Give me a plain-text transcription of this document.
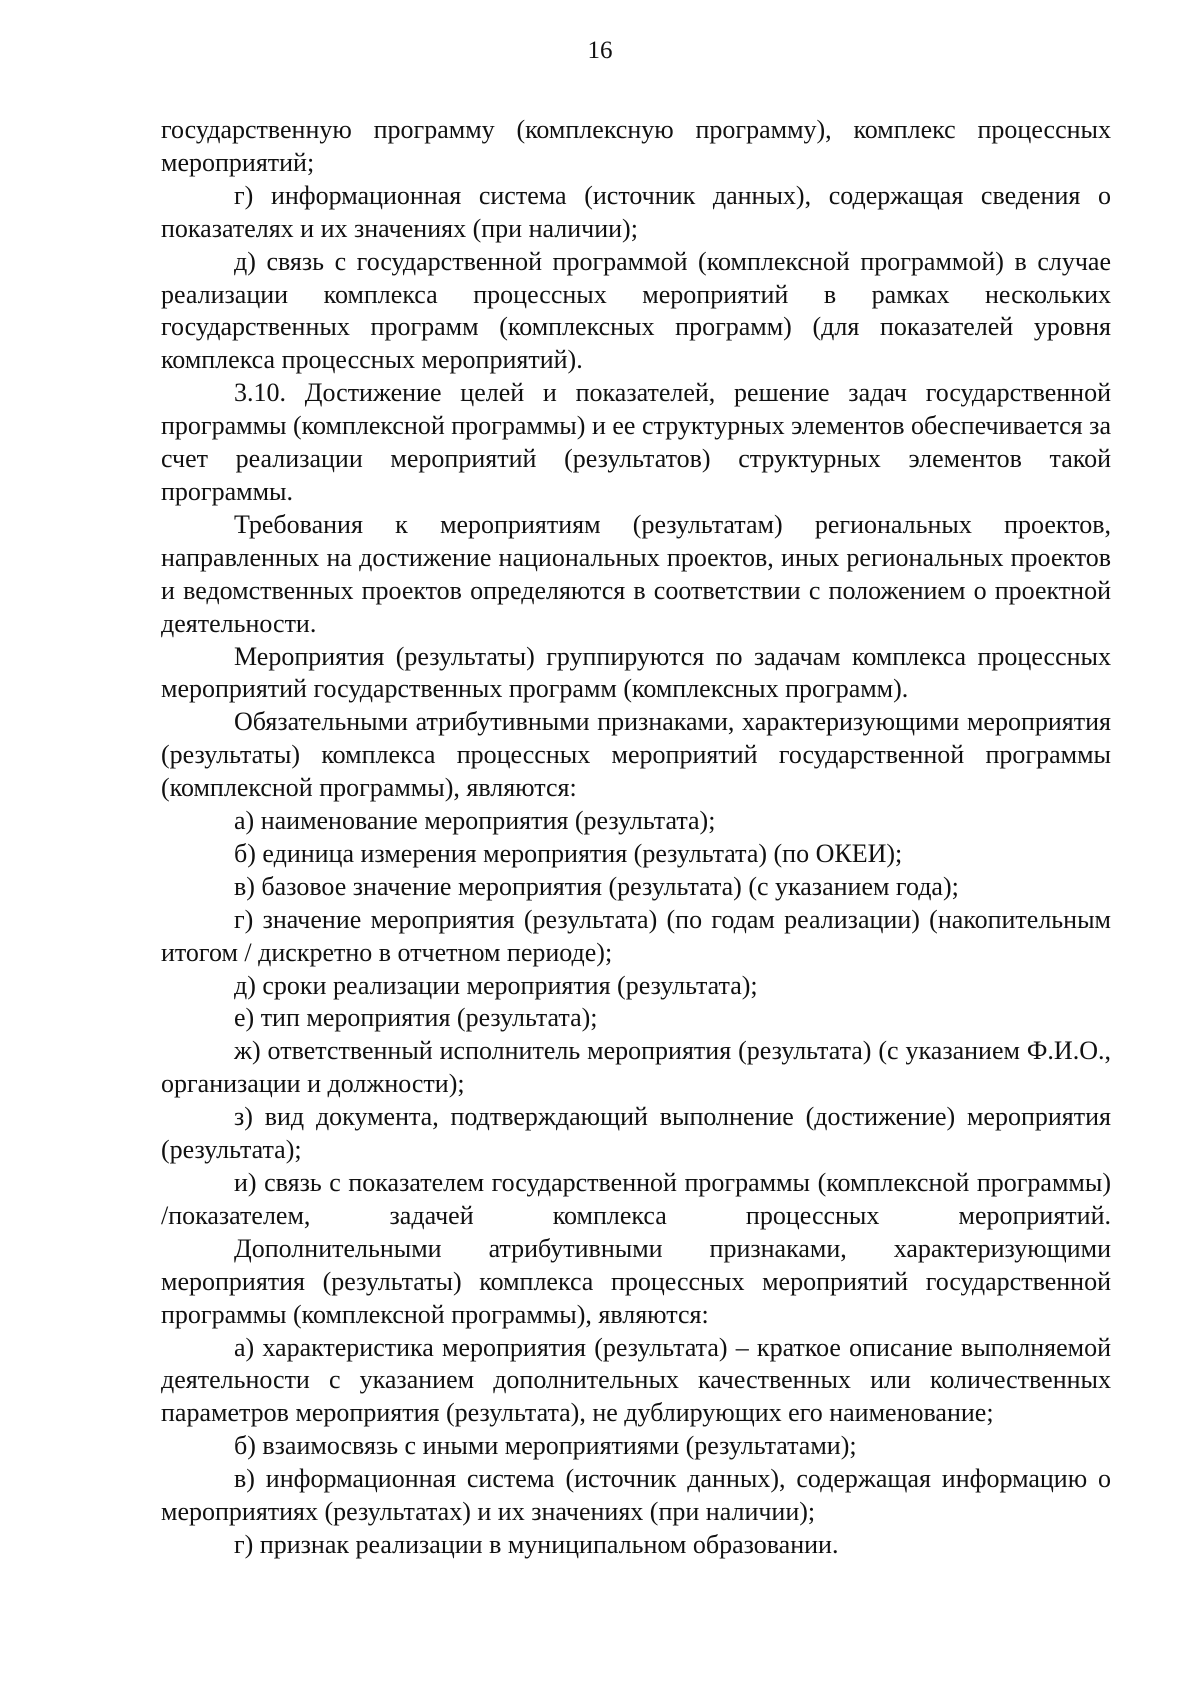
16

государственную программу (комплексную программу), комплекс процессных мероприятий;

г) информационная система (источник данных), содержащая сведения о показателях и их значениях (при наличии);

д) связь с государственной программой (комплексной программой) в случае реализации комплекса процессных мероприятий в рамках нескольких государственных программ (комплексных программ) (для показателей уровня комплекса процессных мероприятий).

3.10. Достижение целей и показателей, решение задач государственной программы (комплексной программы) и ее структурных элементов обеспечивается за счет реализации мероприятий (результатов) структурных элементов такой программы.

Требования к мероприятиям (результатам) региональных проектов, направленных на достижение национальных проектов, иных региональных проектов и ведомственных проектов определяются в соответствии с положением о проектной деятельности.

Мероприятия (результаты) группируются по задачам комплекса процессных мероприятий государственных программ (комплексных программ).

Обязательными атрибутивными признаками, характеризующими мероприятия (результаты) комплекса процессных мероприятий государственной программы (комплексной программы), являются:

а) наименование мероприятия (результата);

б) единица измерения мероприятия (результата) (по ОКЕИ);

в) базовое значение мероприятия (результата) (с указанием года);

г) значение мероприятия (результата) (по годам реализации) (накопительным итогом / дискретно в отчетном периоде);

д) сроки реализации мероприятия (результата);

е) тип мероприятия (результата);

ж) ответственный исполнитель мероприятия (результата) (с указанием Ф.И.О., организации и должности);

з) вид документа, подтверждающий выполнение (достижение) мероприятия (результата);

и) связь с показателем государственной программы (комплексной программы) /показателем, задачей комплекса процессных мероприятий.

Дополнительными атрибутивными признаками, характеризующими мероприятия (результаты) комплекса процессных мероприятий государственной программы (комплексной программы), являются:

а) характеристика мероприятия (результата) – краткое описание выполняемой деятельности с указанием дополнительных качественных или количественных параметров мероприятия (результата), не дублирующих его наименование;

б) взаимосвязь с иными мероприятиями (результатами);

в) информационная система (источник данных), содержащая информацию о мероприятиях (результатах) и их значениях (при наличии);

г) признак реализации в муниципальном образовании.
